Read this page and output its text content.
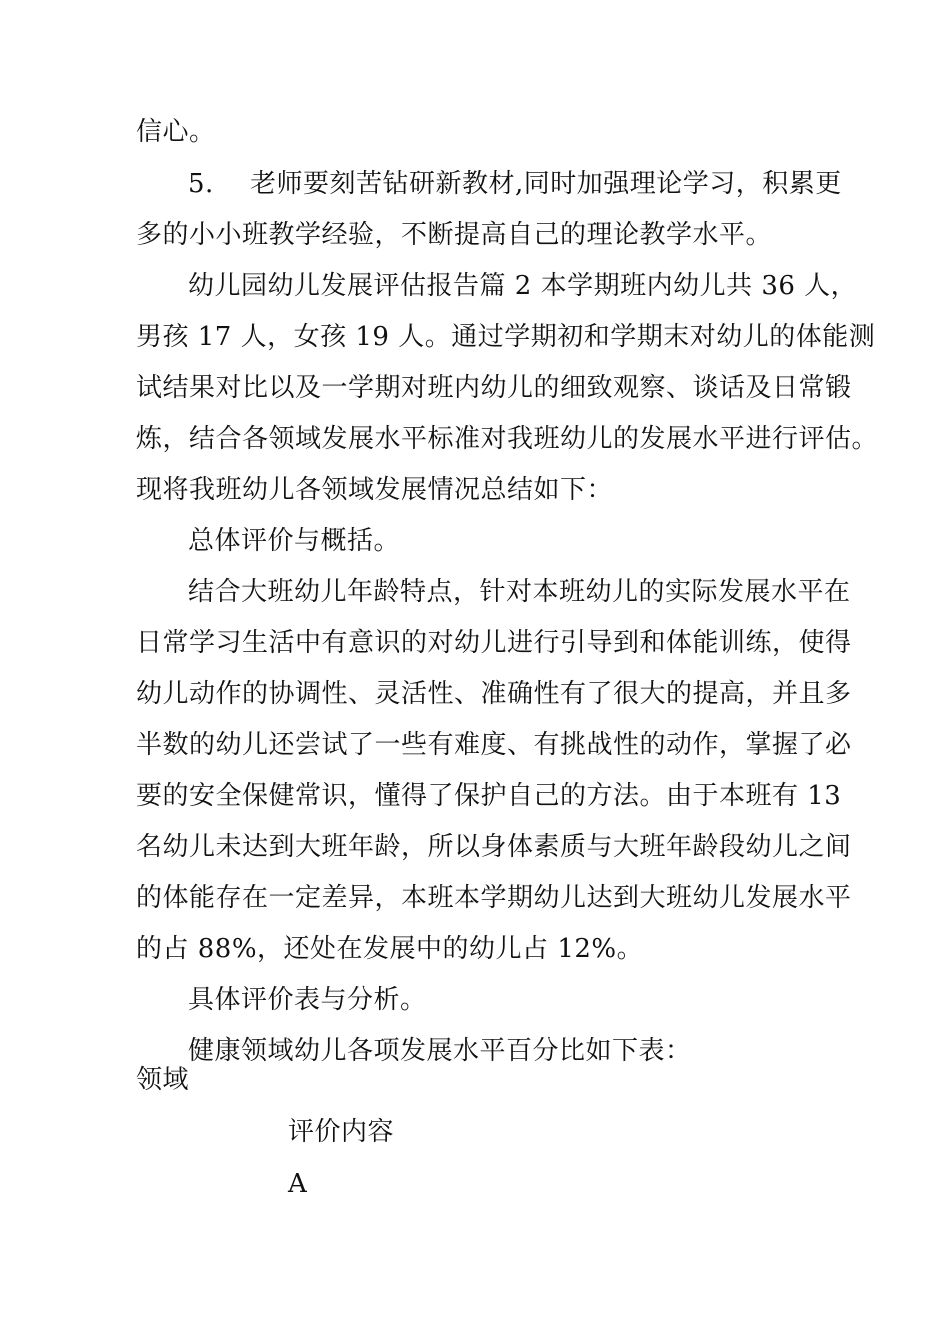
信心。
5. 老师要刻苦钻研新教材,同时加强理论学习，积累更
多的小小班教学经验，不断提高自己的理论教学水平。
幼儿园幼儿发展评估报告篇 2 本学期班内幼儿共 36 人，
男孩 17 人，女孩 19 人。通过学期初和学期末对幼儿的体能测
试结果对比以及一学期对班内幼儿的细致观察、谈话及日常锻
炼，结合各领域发展水平标准对我班幼儿的发展水平进行评估。
现将我班幼儿各领域发展情况总结如下：
总体评价与概括。
结合大班幼儿年龄特点，针对本班幼儿的实际发展水平在
日常学习生活中有意识的对幼儿进行引导到和体能训练，使得
幼儿动作的协调性、灵活性、准确性有了很大的提高，并且多
半数的幼儿还尝试了一些有难度、有挑战性的动作，掌握了必
要的安全保健常识，懂得了保护自己的方法。由于本班有 13
名幼儿未达到大班年龄，所以身体素质与大班年龄段幼儿之间
的体能存在一定差异，本班本学期幼儿达到大班幼儿发展水平
的占 88%，还处在发展中的幼儿占 12%。
具体评价表与分析。
健康领域幼儿各项发展水平百分比如下表：
领域
评价内容
A
